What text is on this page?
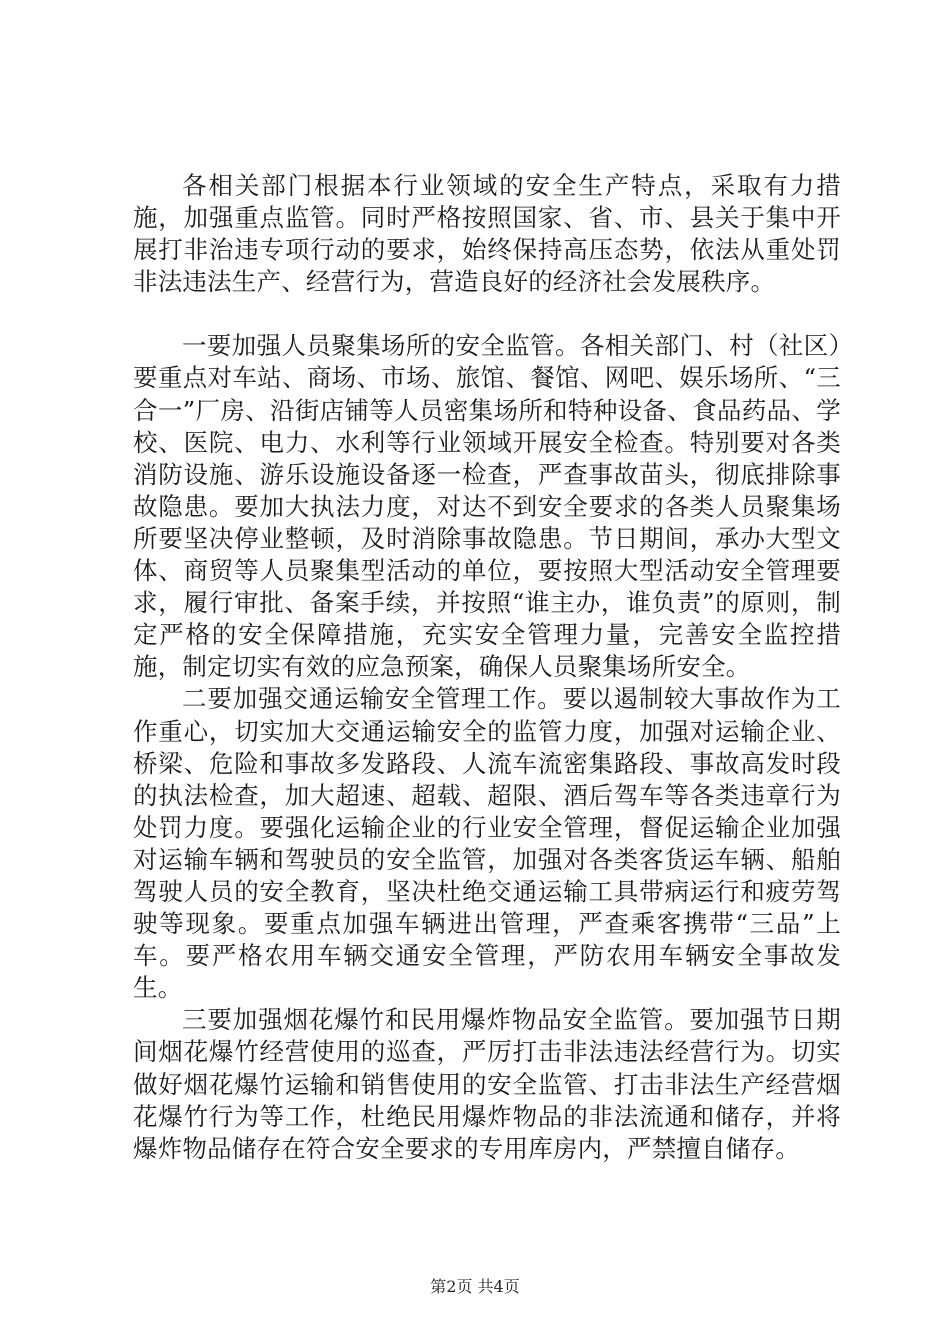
各相关部门根据本行业领域的安全生产特点，采取有力措施，加强重点监管。同时严格按照国家、省、市、县关于集中开展打非治违专项行动的要求，始终保持高压态势，依法从重处罚非法违法生产、经营行为，营造良好的经济社会发展秩序。

一要加强人员聚集场所的安全监管。各相关部门、村（社区）要重点对车站、商场、市场、旅馆、餐馆、网吧、娱乐场所、“三合一”厂房、沿街店铺等人员密集场所和特种设备、食品药品、学校、医院、电力、水利等行业领域开展安全检查。特别要对各类消防设施、游乐设施设备逐一检查，严查事故苗头，彻底排除事故隐患。要加大执法力度，对达不到安全要求的各类人员聚集场所要坚决停业整顿，及时消除事故隐患。节日期间，承办大型文体、商贸等人员聚集型活动的单位，要按照大型活动安全管理要求，履行审批、备案手续，并按照“谁主办，谁负责”的原则，制定严格的安全保障措施，充实安全管理力量，完善安全监控措施，制定切实有效的应急预案，确保人员聚集场所安全。

二要加强交通运输安全管理工作。要以遏制较大事故作为工作重心，切实加大交通运输安全的监管力度，加强对运输企业、桥梁、危险和事故多发路段、人流车流密集路段、事故高发时段的执法检查，加大超速、超载、超限、酒后驾车等各类违章行为处罚力度。要强化运输企业的行业安全管理，督促运输企业加强对运输车辆和驾驶员的安全监管，加强对各类客货运车辆、船舶驾驶人员的安全教育，坚决杜绝交通运输工具带病运行和疲劳驾驶等现象。要重点加强车辆进出管理，严查乘客携带“三品”上车。要严格农用车辆交通安全管理，严防农用车辆安全事故发生。

三要加强烟花爆竹和民用爆炸物品安全监管。要加强节日期间烟花爆竹经营使用的巡查，严厉打击非法违法经营行为。切实做好烟花爆竹运输和销售使用的安全监管、打击非法生产经营烟花爆竹行为等工作，杜绝民用爆炸物品的非法流通和储存，并将爆炸物品储存在符合安全要求的专用库房内，严禁擅自储存。

第2页 共4页
